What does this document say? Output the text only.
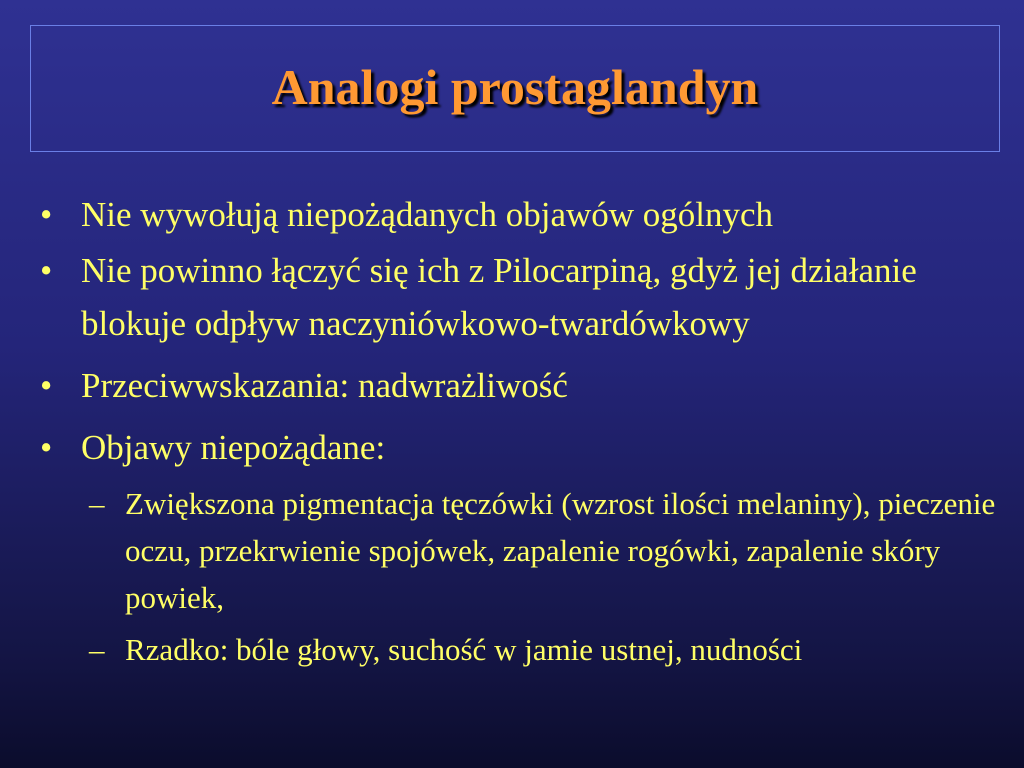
Analogi prostaglandyn
• Nie wywołują niepożądanych objawów ogólnych
• Nie powinno łączyć się ich z Pilocarpiną, gdyż jej działanie blokuje odpływ naczyniówkowo-twardówkowy
• Przeciwwskazania: nadwrażliwość
• Objawy niepożądane:
– Zwiększona pigmentacja tęczówki (wzrost ilości melaniny), pieczenie oczu, przekrwienie spojówek, zapalenie rogówki, zapalenie skóry powiek,
– Rzadko: bóle głowy, suchość w jamie ustnej, nudności
